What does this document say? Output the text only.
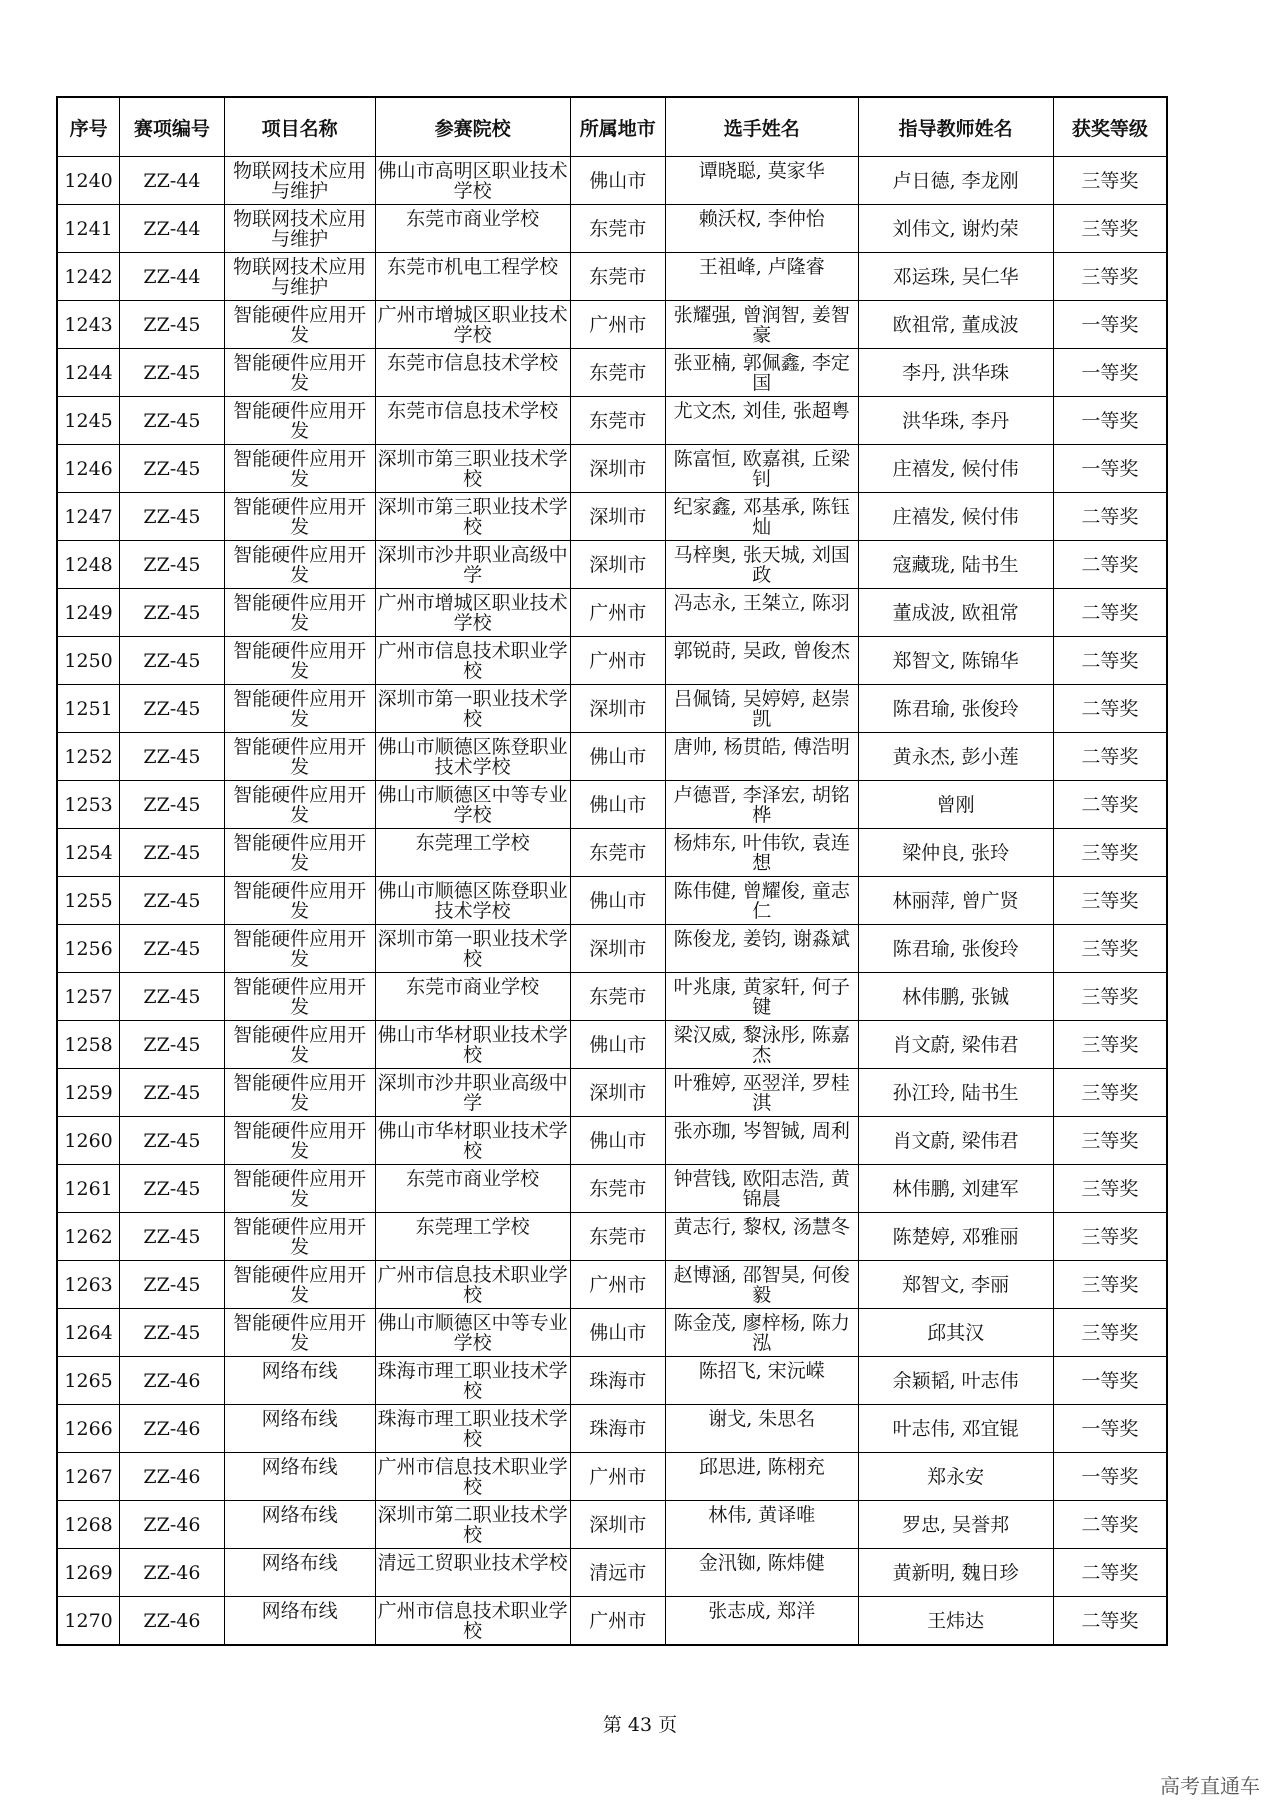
序号	赛项编号	项目名称	参赛院校	所属地市	选手姓名	指导教师姓名	获奖等级
1240	ZZ-44	物联网技术应用与维护	佛山市高明区职业技术学校	佛山市	谭晓聪, 莫家华	卢日德, 李龙刚	三等奖
1241	ZZ-44	物联网技术应用与维护	东莞市商业学校	东莞市	赖沃权, 李仲怡	刘伟文, 谢灼荣	三等奖
1242	ZZ-44	物联网技术应用与维护	东莞市机电工程学校	东莞市	王祖峰, 卢隆睿	邓运珠, 吴仁华	三等奖
1243	ZZ-45	智能硬件应用开发	广州市增城区职业技术学校	广州市	张耀强, 曾润智, 姜智豪	欧祖常, 董成波	一等奖
1244	ZZ-45	智能硬件应用开发	东莞市信息技术学校	东莞市	张亚楠, 郭佩鑫, 李定国	李丹, 洪华珠	一等奖
1245	ZZ-45	智能硬件应用开发	东莞市信息技术学校	东莞市	尤文杰, 刘佳, 张超粤	洪华珠, 李丹	一等奖
1246	ZZ-45	智能硬件应用开发	深圳市第三职业技术学校	深圳市	陈富恒, 欧嘉祺, 丘梁钊	庄禧发, 候付伟	一等奖
1247	ZZ-45	智能硬件应用开发	深圳市第三职业技术学校	深圳市	纪家鑫, 邓基承, 陈钰灿	庄禧发, 候付伟	二等奖
1248	ZZ-45	智能硬件应用开发	深圳市沙井职业高级中学	深圳市	马梓奥, 张天城, 刘国政	寇藏珑, 陆书生	二等奖
1249	ZZ-45	智能硬件应用开发	广州市增城区职业技术学校	广州市	冯志永, 王桀立, 陈羽	董成波, 欧祖常	二等奖
1250	ZZ-45	智能硬件应用开发	广州市信息技术职业学校	广州市	郭锐莳, 吴政, 曾俊杰	郑智文, 陈锦华	二等奖
1251	ZZ-45	智能硬件应用开发	深圳市第一职业技术学校	深圳市	吕佩锜, 吴婷婷, 赵崇凯	陈君瑜, 张俊玲	二等奖
1252	ZZ-45	智能硬件应用开发	佛山市顺德区陈登职业技术学校	佛山市	唐帅, 杨贯皓, 傅浩明	黄永杰, 彭小莲	二等奖
1253	ZZ-45	智能硬件应用开发	佛山市顺德区中等专业学校	佛山市	卢德晋, 李泽宏, 胡铭桦	曾刚	二等奖
1254	ZZ-45	智能硬件应用开发	东莞理工学校	东莞市	杨炜东, 叶伟钦, 袁连想	梁仲良, 张玲	三等奖
1255	ZZ-45	智能硬件应用开发	佛山市顺德区陈登职业技术学校	佛山市	陈伟健, 曾耀俊, 童志仁	林丽萍, 曾广贤	三等奖
1256	ZZ-45	智能硬件应用开发	深圳市第一职业技术学校	深圳市	陈俊龙, 姜钧, 谢淼斌	陈君瑜, 张俊玲	三等奖
1257	ZZ-45	智能硬件应用开发	东莞市商业学校	东莞市	叶兆康, 黄家轩, 何子键	林伟鹏, 张铖	三等奖
1258	ZZ-45	智能硬件应用开发	佛山市华材职业技术学校	佛山市	梁汉威, 黎泳彤, 陈嘉杰	肖文蔚, 梁伟君	三等奖
1259	ZZ-45	智能硬件应用开发	深圳市沙井职业高级中学	深圳市	叶雅婷, 巫翌洋, 罗桂淇	孙江玲, 陆书生	三等奖
1260	ZZ-45	智能硬件应用开发	佛山市华材职业技术学校	佛山市	张亦珈, 岑智铖, 周利	肖文蔚, 梁伟君	三等奖
1261	ZZ-45	智能硬件应用开发	东莞市商业学校	东莞市	钟营钱, 欧阳志浩, 黄锦晨	林伟鹏, 刘建军	三等奖
1262	ZZ-45	智能硬件应用开发	东莞理工学校	东莞市	黄志行, 黎权, 汤慧冬	陈楚婷, 邓雅丽	三等奖
1263	ZZ-45	智能硬件应用开发	广州市信息技术职业学校	广州市	赵博涵, 邵智昊, 何俊毅	郑智文, 李丽	三等奖
1264	ZZ-45	智能硬件应用开发	佛山市顺德区中等专业学校	佛山市	陈金茂, 廖梓杨, 陈力泓	邱其汉	三等奖
1265	ZZ-46	网络布线	珠海市理工职业技术学校	珠海市	陈招飞, 宋沅嵘	余颖韬, 叶志伟	一等奖
1266	ZZ-46	网络布线	珠海市理工职业技术学校	珠海市	谢戈, 朱思名	叶志伟, 邓宜锟	一等奖
1267	ZZ-46	网络布线	广州市信息技术职业学校	广州市	邱思进, 陈栩充	郑永安	一等奖
1268	ZZ-46	网络布线	深圳市第二职业技术学校	深圳市	林伟, 黄译唯	罗忠, 吴誉邦	二等奖
1269	ZZ-46	网络布线	清远工贸职业技术学校	清远市	金汛铷, 陈炜健	黄新明, 魏日珍	二等奖
1270	ZZ-46	网络布线	广州市信息技术职业学校	广州市	张志成, 郑洋	王炜达	二等奖
第 43 页
高考直通车
